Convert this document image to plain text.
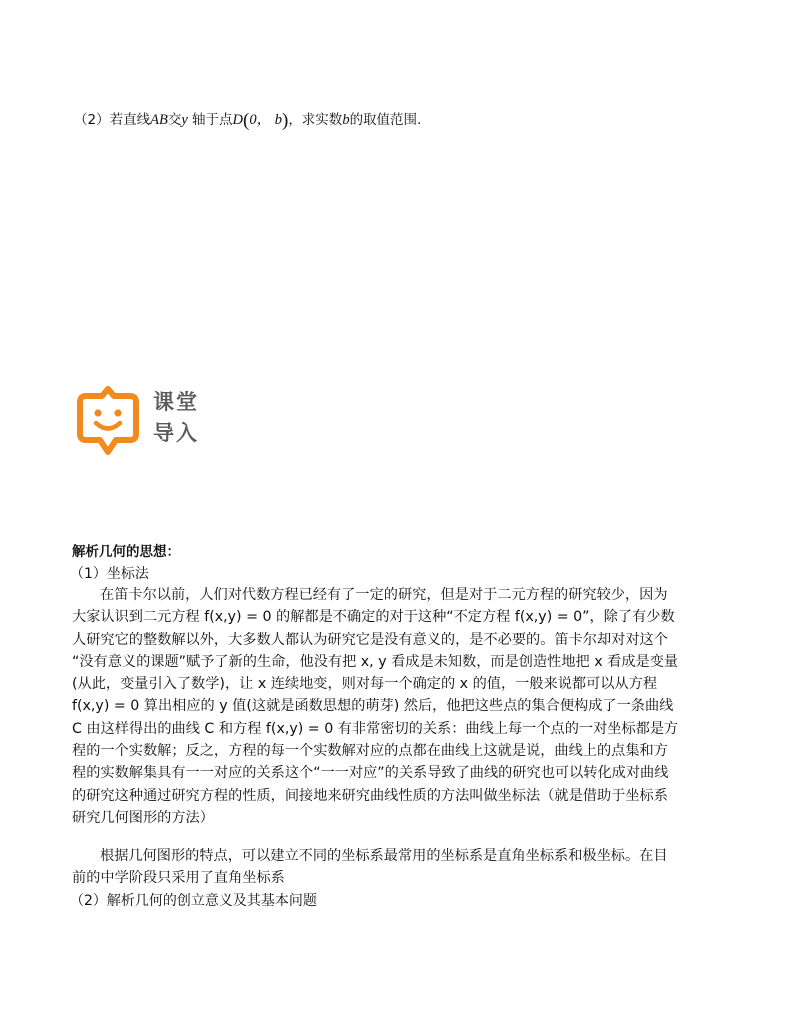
（2）若直线AB交y 轴于点D(0， b)，求实数b的取值范围.
课堂
导入
解析几何的思想：
（1）坐标法
在笛卡尔以前，人们对代数方程已经有了一定的研究，但是对于二元方程的研究较少，因为
大家认识到二元方程 f(x,y) = 0 的解都是不确定的对于这种“不定方程 f(x,y) = 0”，除了有少数
人研究它的整数解以外，大多数人都认为研究它是没有意义的，是不必要的。笛卡尔却对对这个
“没有意义的课题”赋予了新的生命，他没有把 x, y 看成是未知数，而是创造性地把 x 看成是变量
(从此，变量引入了数学)，让 x 连续地变，则对每一个确定的 x 的值，一般来说都可以从方程
f(x,y) = 0 算出相应的 y 值(这就是函数思想的萌芽) 然后，他把这些点的集合便构成了一条曲线
C 由这样得出的曲线 C 和方程 f(x,y) = 0 有非常密切的关系：曲线上每一个点的一对坐标都是方
程的一个实数解；反之，方程的每一个实数解对应的点都在曲线上这就是说，曲线上的点集和方
程的实数解集具有一一对应的关系这个“一一对应”的关系导致了曲线的研究也可以转化成对曲线
的研究这种通过研究方程的性质，间接地来研究曲线性质的方法叫做坐标法（就是借助于坐标系
研究几何图形的方法）
根据几何图形的特点，可以建立不同的坐标系最常用的坐标系是直角坐标系和极坐标。在目
前的中学阶段只采用了直角坐标系
（2）解析几何的创立意义及其基本问题
